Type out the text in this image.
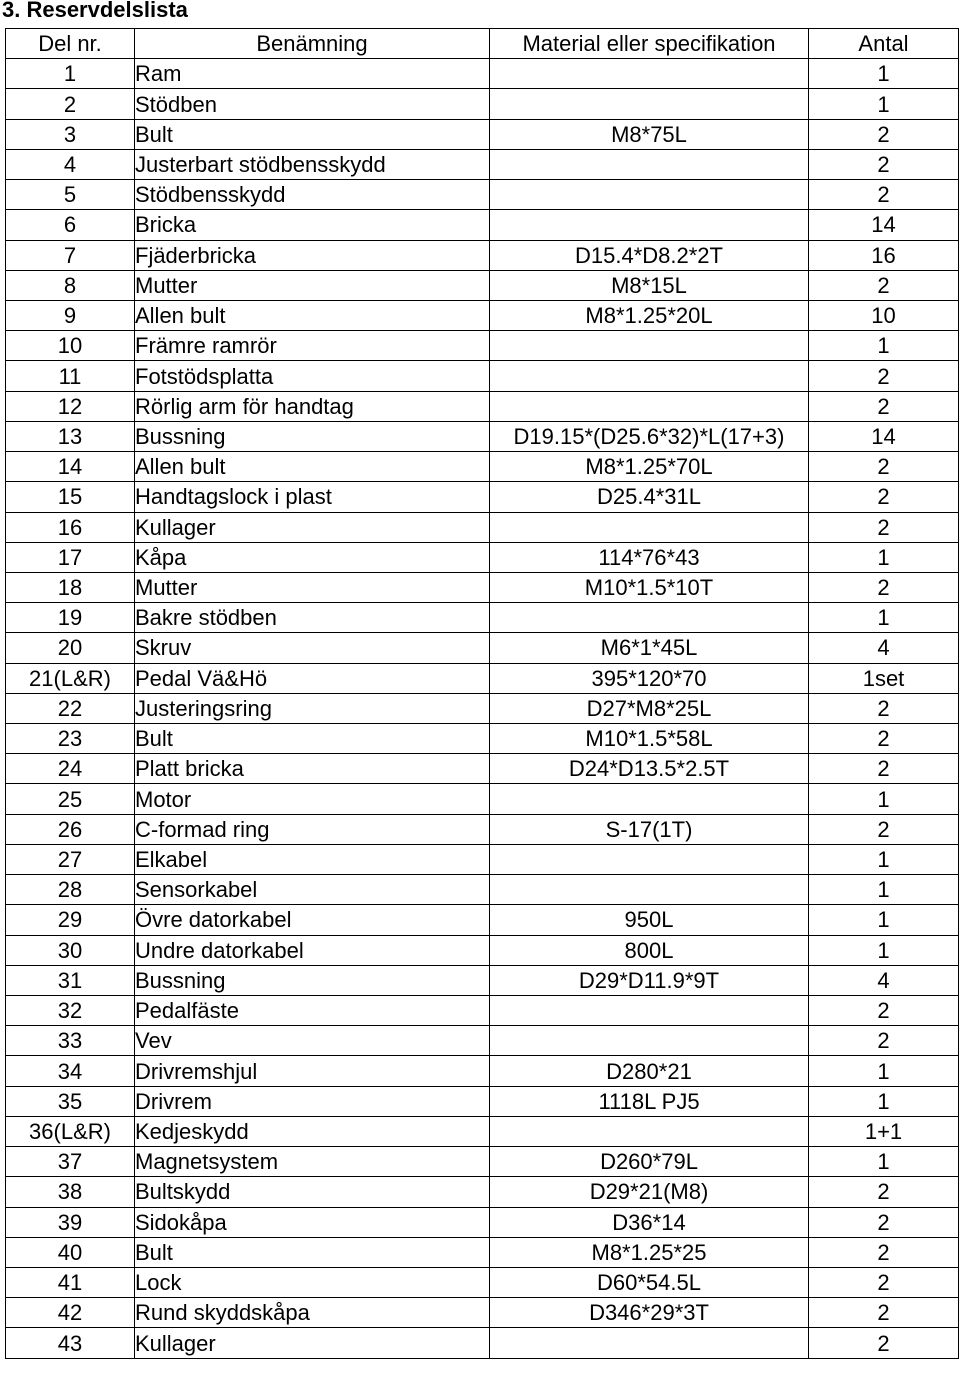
3. Reservdelslista
Del nr.	Benämning	Material eller specifikation	Antal
1	Ram		1
2	Stödben		1
3	Bult	M8*75L	2
4	Justerbart stödbensskydd		2
5	Stödbensskydd		2
6	Bricka		14
7	Fjäderbricka	D15.4*D8.2*2T	16
8	Mutter	M8*15L	2
9	Allen bult	M8*1.25*20L	10
10	Främre ramrör		1
11	Fotstödsplatta		2
12	Rörlig arm för handtag		2
13	Bussning	D19.15*(D25.6*32)*L(17+3)	14
14	Allen bult	M8*1.25*70L	2
15	Handtagslock i plast	D25.4*31L	2
16	Kullager		2
17	Kåpa	114*76*43	1
18	Mutter	M10*1.5*10T	2
19	Bakre stödben		1
20	Skruv	M6*1*45L	4
21(L&R)	Pedal Vä&Hö	395*120*70	1set
22	Justeringsring	D27*M8*25L	2
23	Bult	M10*1.5*58L	2
24	Platt bricka	D24*D13.5*2.5T	2
25	Motor		1
26	C-formad ring	S-17(1T)	2
27	Elkabel		1
28	Sensorkabel		1
29	Övre datorkabel	950L	1
30	Undre datorkabel	800L	1
31	Bussning	D29*D11.9*9T	4
32	Pedalfäste		2
33	Vev		2
34	Drivremshjul	D280*21	1
35	Drivrem	1118L PJ5	1
36(L&R)	Kedjeskydd		1+1
37	Magnetsystem	D260*79L	1
38	Bultskydd	D29*21(M8)	2
39	Sidokåpa	D36*14	2
40	Bult	M8*1.25*25	2
41	Lock	D60*54.5L	2
42	Rund skyddskåpa	D346*29*3T	2
43	Kullager		2
